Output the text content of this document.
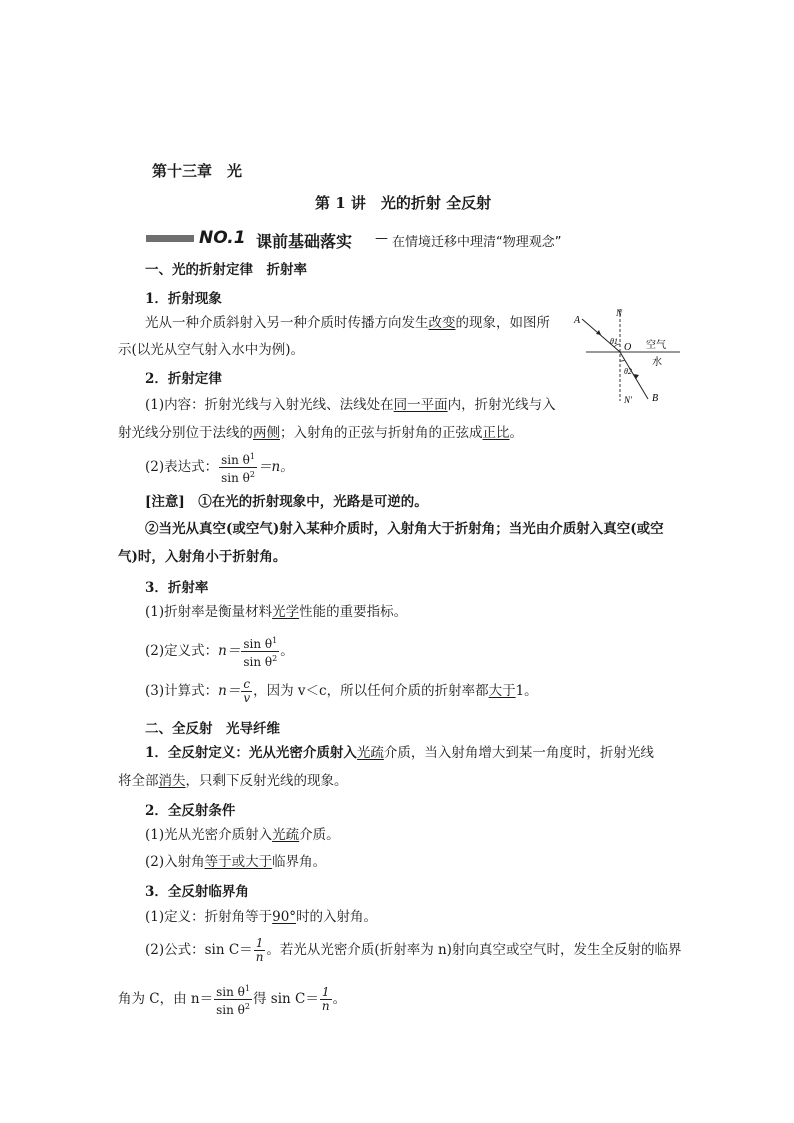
第十三章　光
第 1 讲　光的折射 全反射
NO.1 课前基础落实 — 在情境迁移中理清“物理观念”
一、光的折射定律　折射率
1．折射现象
光从一种介质斜射入另一种介质时传播方向发生改变的现象，如图所
示(以光从空气射入水中为例)。
2．折射定律
(1)内容：折射光线与入射光线、法线处在同一平面内，折射光线与入
射光线分别位于法线的两侧；入射角的正弦与折射角的正弦成正比。
(2)表达式： $\frac{\sin \theta^1}{\sin \theta^2} =n$。
[注意]　①在光的折射现象中，光路是可逆的。
②当光从真空(或空气)射入某种介质时，入射角大于折射角；当光由介质射入真空(或空
气)时，入射角小于折射角。
3．折射率
(1)折射率是衡量材料光学性能的重要指标。
(2)定义式：$n= \frac{\sin \theta^1}{\sin \theta^2}$ 。
(3)计算式：$n= \frac{c}{v}$ ，因为 v＜c，所以任何介质的折射率都大于1。
二、全反射　光导纤维
1．全反射定义：光从光密介质射入光疏介质，当入射角增大到某一角度时，折射光线
将全部消失，只剩下反射光线的现象。
2．全反射条件
(1)光从光密介质射入光疏介质。
(2)入射角等于或大于临界角。
3．全反射临界角
(1)定义：折射角等于90°时的入射角。
(2)公式：$\sin C= \frac{1}{n}$ 。若光从光密介质(折射率为 n)射向真空或空气时，发生全反射的临界
角为 C，由 $n= \frac{\sin \theta^1}{\sin \theta^2}$ 得 $\sin C= \frac{1}{n}$ 。
A
N
O
θ1
θ2
空气
水
N′ B
